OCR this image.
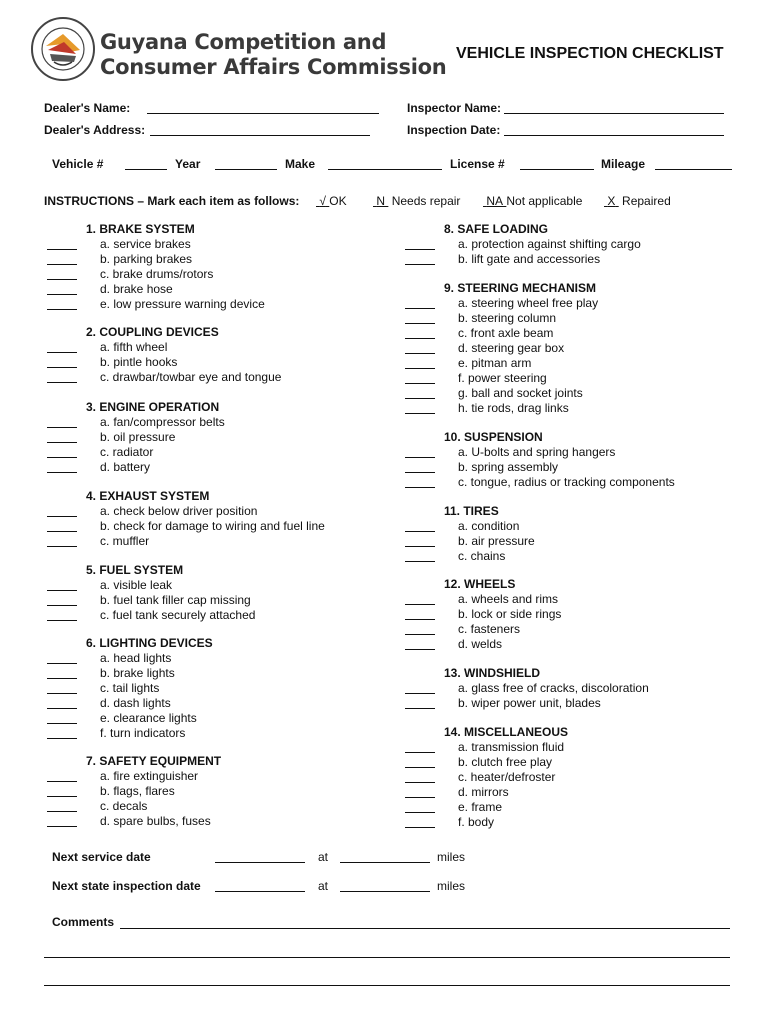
Guyana Competition and
Consumer Affairs Commission
VEHICLE INSPECTION CHECKLIST
Dealer's Name:	Inspector Name:
Dealer's Address:	Inspection Date:
Vehicle #	Year	Make	License #	Mileage
INSTRUCTIONS – Mark each item as follows: √ OK N Needs repair NA Not applicable X Repaired
1. BRAKE SYSTEM
a. service brakes
b. parking brakes
c. brake drums/rotors
d. brake hose
e. low pressure warning device
2. COUPLING DEVICES
a. fifth wheel
b. pintle hooks
c. drawbar/towbar eye and tongue
3. ENGINE OPERATION
a. fan/compressor belts
b. oil pressure
c. radiator
d. battery
4. EXHAUST SYSTEM
a. check below driver position
b. check for damage to wiring and fuel line
c. muffler
5. FUEL SYSTEM
a. visible leak
b. fuel tank filler cap missing
c. fuel tank securely attached
6. LIGHTING DEVICES
a. head lights
b. brake lights
c. tail lights
d. dash lights
e. clearance lights
f. turn indicators
7. SAFETY EQUIPMENT
a. fire extinguisher
b. flags, flares
c. decals
d. spare bulbs, fuses
8. SAFE LOADING
a. protection against shifting cargo
b. lift gate and accessories
9. STEERING MECHANISM
a. steering wheel free play
b. steering column
c. front axle beam
d. steering gear box
e. pitman arm
f. power steering
g. ball and socket joints
h. tie rods, drag links
10. SUSPENSION
a. U-bolts and spring hangers
b. spring assembly
c. tongue, radius or tracking components
11. TIRES
a. condition
b. air pressure
c. chains
12. WHEELS
a. wheels and rims
b. lock or side rings
c. fasteners
d. welds
13. WINDSHIELD
a. glass free of cracks, discoloration
b. wiper power unit, blades
14. MISCELLANEOUS
a. transmission fluid
b. clutch free play
c. heater/defroster
d. mirrors
e. frame
f. body
Next service date	at	miles
Next state inspection date	at	miles
Comments
